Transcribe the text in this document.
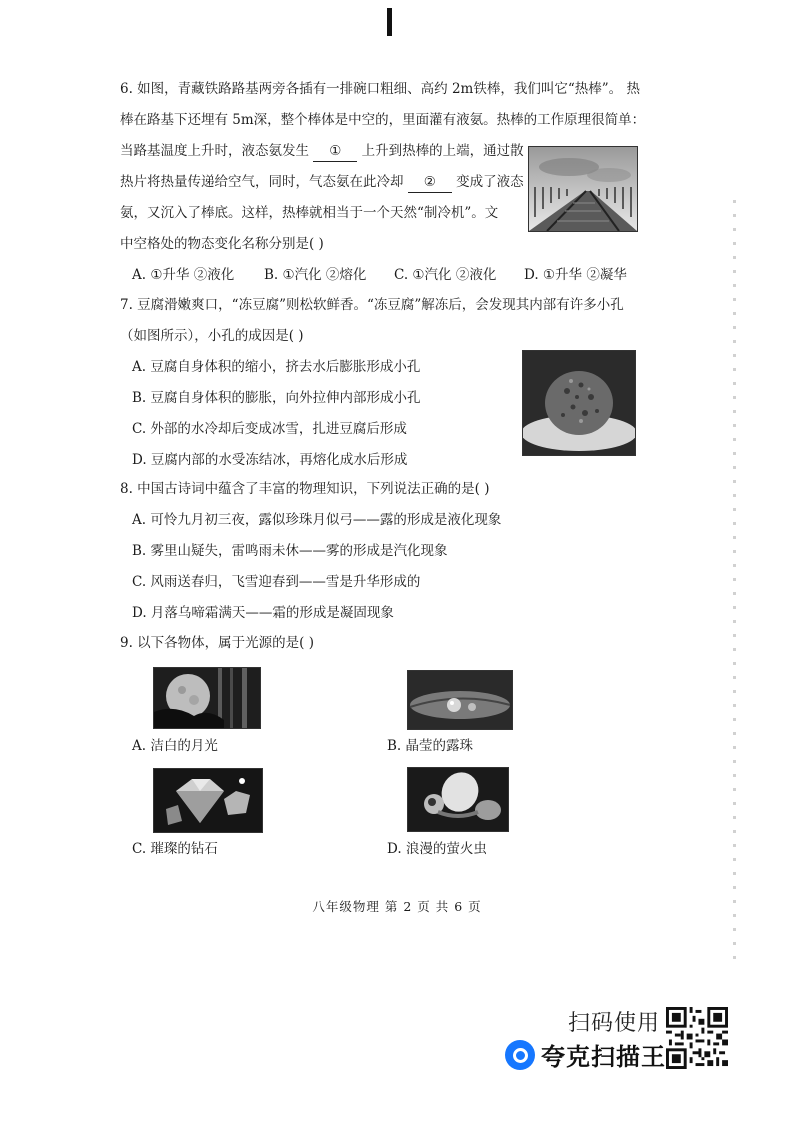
6. 如图，青藏铁路路基两旁各插有一排碗口粗细、高约 2m铁棒，我们叫它“热棒”。 热
棒在路基下还埋有 5m深，整个棒体是中空的，里面灌有液氨。热棒的工作原理很简单：
当路基温度上升时，液态氨发生 ① 上升到热棒的上端，通过散
热片将热量传递给空气，同时，气态氨在此冷却 ② 变成了液态
氨，又沉入了棒底。这样，热棒就相当于一个天然“制冷机”。文
中空格处的物态变化名称分别是( )
A. ①升华 ②液化	B. ①汽化 ②熔化	C. ①汽化 ②液化	D. ①升华 ②凝华
7. 豆腐滑嫩爽口，“冻豆腐”则松软鲜香。“冻豆腐”解冻后，会发现其内部有许多小孔
（如图所示），小孔的成因是( )
A. 豆腐自身体积的缩小，挤去水后膨胀形成小孔
B. 豆腐自身体积的膨胀，向外拉伸内部形成小孔
C. 外部的水冷却后变成冰雪，扎进豆腐后形成
D. 豆腐内部的水受冻结冰，再熔化成水后形成
8. 中国古诗词中蕴含了丰富的物理知识，下列说法正确的是( )
A. 可怜九月初三夜，露似珍珠月似弓——露的形成是液化现象
B. 雾里山疑失，雷鸣雨未休——雾的形成是汽化现象
C. 风雨送春归，飞雪迎春到——雪是升华形成的
D. 月落乌啼霜满天——霜的形成是凝固现象
9. 以下各物体，属于光源的是( )
A. 洁白的月光	B. 晶莹的露珠
C. 璀璨的钻石	D. 浪漫的萤火虫
八年级物理 第 2 页 共 6 页
扫码使用
夸克扫描王
